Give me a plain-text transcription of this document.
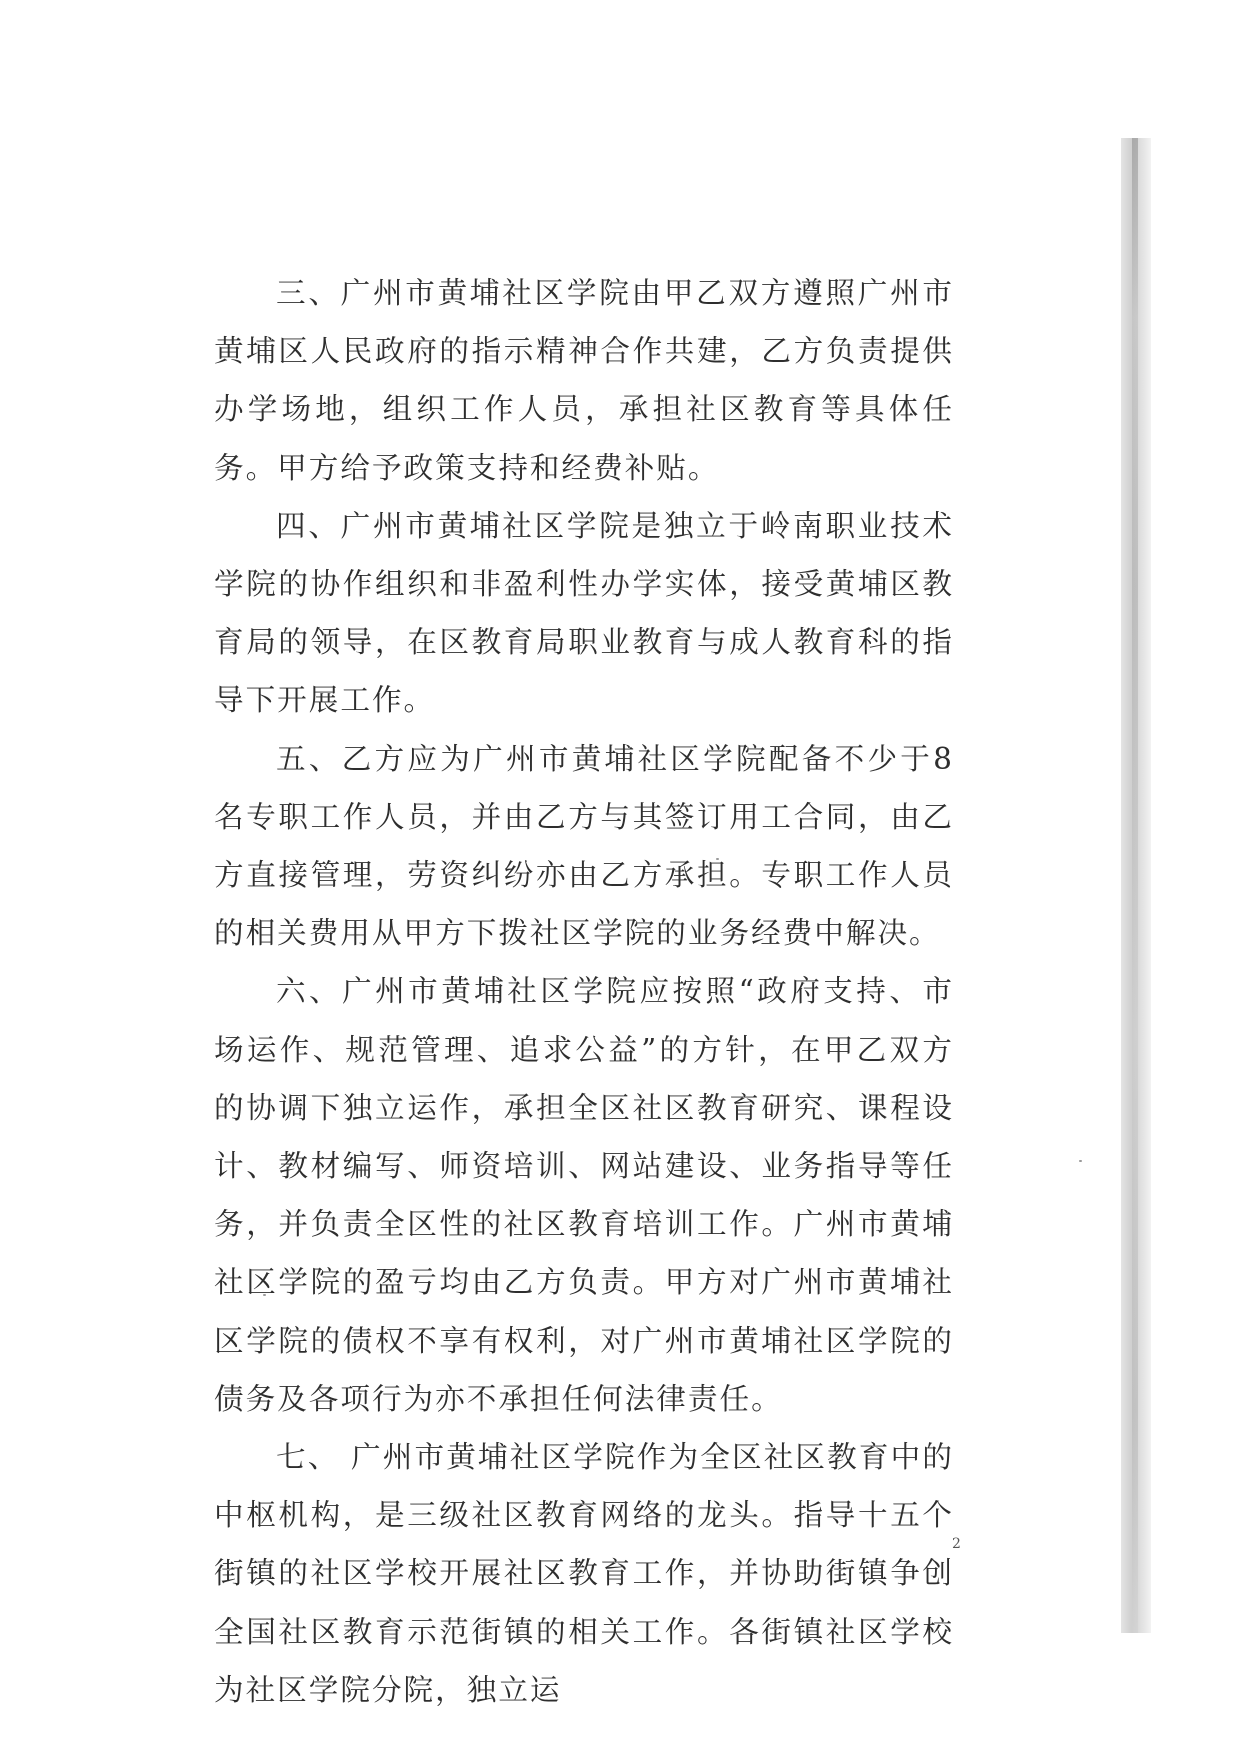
三、广州市黄埔社区学院由甲乙双方遵照广州市黄埔区人民政府的指示精神合作共建，乙方负责提供办学场地，组织工作人员，承担社区教育等具体任务。甲方给予政策支持和经费补贴。

四、广州市黄埔社区学院是独立于岭南职业技术学院的协作组织和非盈利性办学实体，接受黄埔区教育局的领导，在区教育局职业教育与成人教育科的指导下开展工作。

五、乙方应为广州市黄埔社区学院配备不少于8名专职工作人员，并由乙方与其签订用工合同，由乙方直接管理，劳资纠纷亦由乙方承担。专职工作人员的相关费用从甲方下拨社区学院的业务经费中解决。

六、广州市黄埔社区学院应按照“政府支持、市场运作、规范管理、追求公益”的方针，在甲乙双方的协调下独立运作，承担全区社区教育研究、课程设计、教材编写、师资培训、网站建设、业务指导等任务，并负责全区性的社区教育培训工作。广州市黄埔社区学院的盈亏均由乙方负责。甲方对广州市黄埔社区学院的债权不享有权利，对广州市黄埔社区学院的债务及各项行为亦不承担任何法律责任。

七、 广州市黄埔社区学院作为全区社区教育中的中枢机构，是三级社区教育网络的龙头。指导十五个街镇的社区学校开展社区教育工作，并协助街镇争创全国社区教育示范街镇的相关工作。各街镇社区学校为社区学院分院，独立运

2
